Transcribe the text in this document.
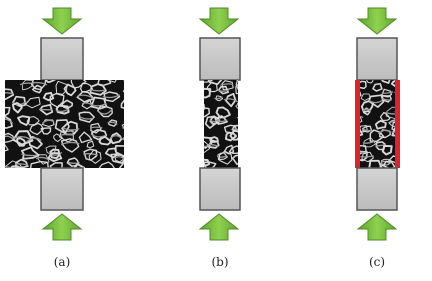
(a)	(b)	(c)
